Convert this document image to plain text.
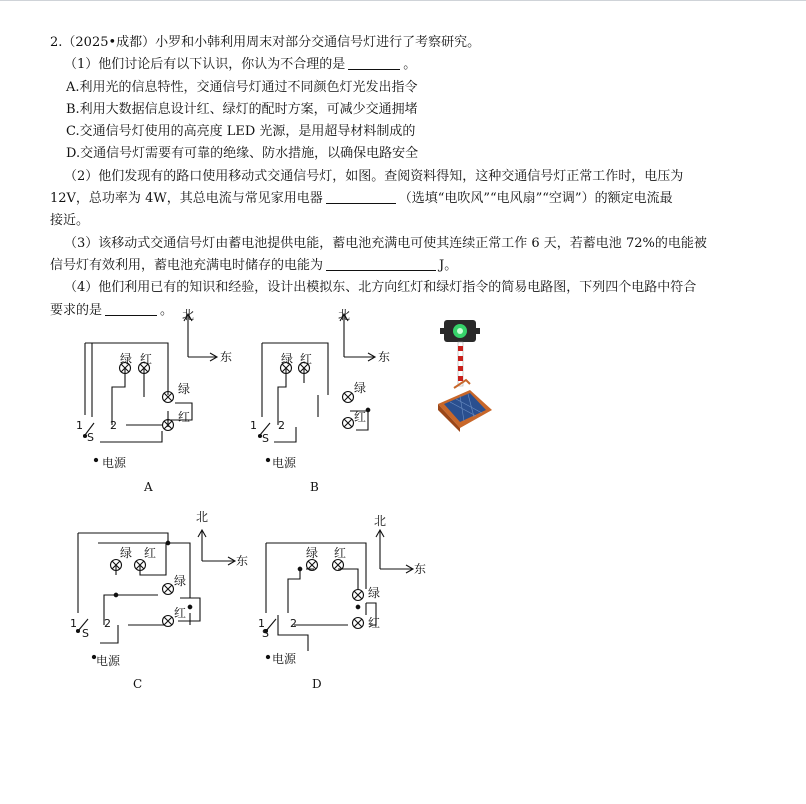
2.（2025•成都）小罗和小韩利用周末对部分交通信号灯进行了考察研究。

（1）他们讨论后有以下认识，你认为不合理的是	。

A.利用光的信息特性，交通信号灯通过不同颜色灯光发出指令

B.利用大数据信息设计红、绿灯的配时方案，可减少交通拥堵

C.交通信号灯使用的高亮度 LED 光源，是用超导材料制成的

D.交通信号灯需要有可靠的绝缘、防水措施，以确保电路安全

（2）他们发现有的路口使用移动式交通信号灯，如图。查阅资料得知，这种交通信号灯正常工作时，电压为

12V，总功率为 4W，其总电流与常见家用电器	（选填“电吹风”“电风扇”“空调”）的额定电流最

接近。

（3）该移动式交通信号灯由蓄电池提供电能，蓄电池充满电可使其连续正常工作 6 天，若蓄电池 72%的电能被

信号灯有效利用，蓄电池充满电时储存的电能为	J。

（4）他们利用已有的知识和经验，设计出模拟东、北方向红灯和绿灯指令的简易电路图，下列四个电路中符合

要求的是	。 北
东
绿 红
绿
红
1 2
S
电源
A
北
东
绿 红
绿
红
1 2
S
电源
B
北
东
绿 红
绿
红
1 2
S
电源
C
北
东
绿 红
绿
红
1 2
S
电源
D
